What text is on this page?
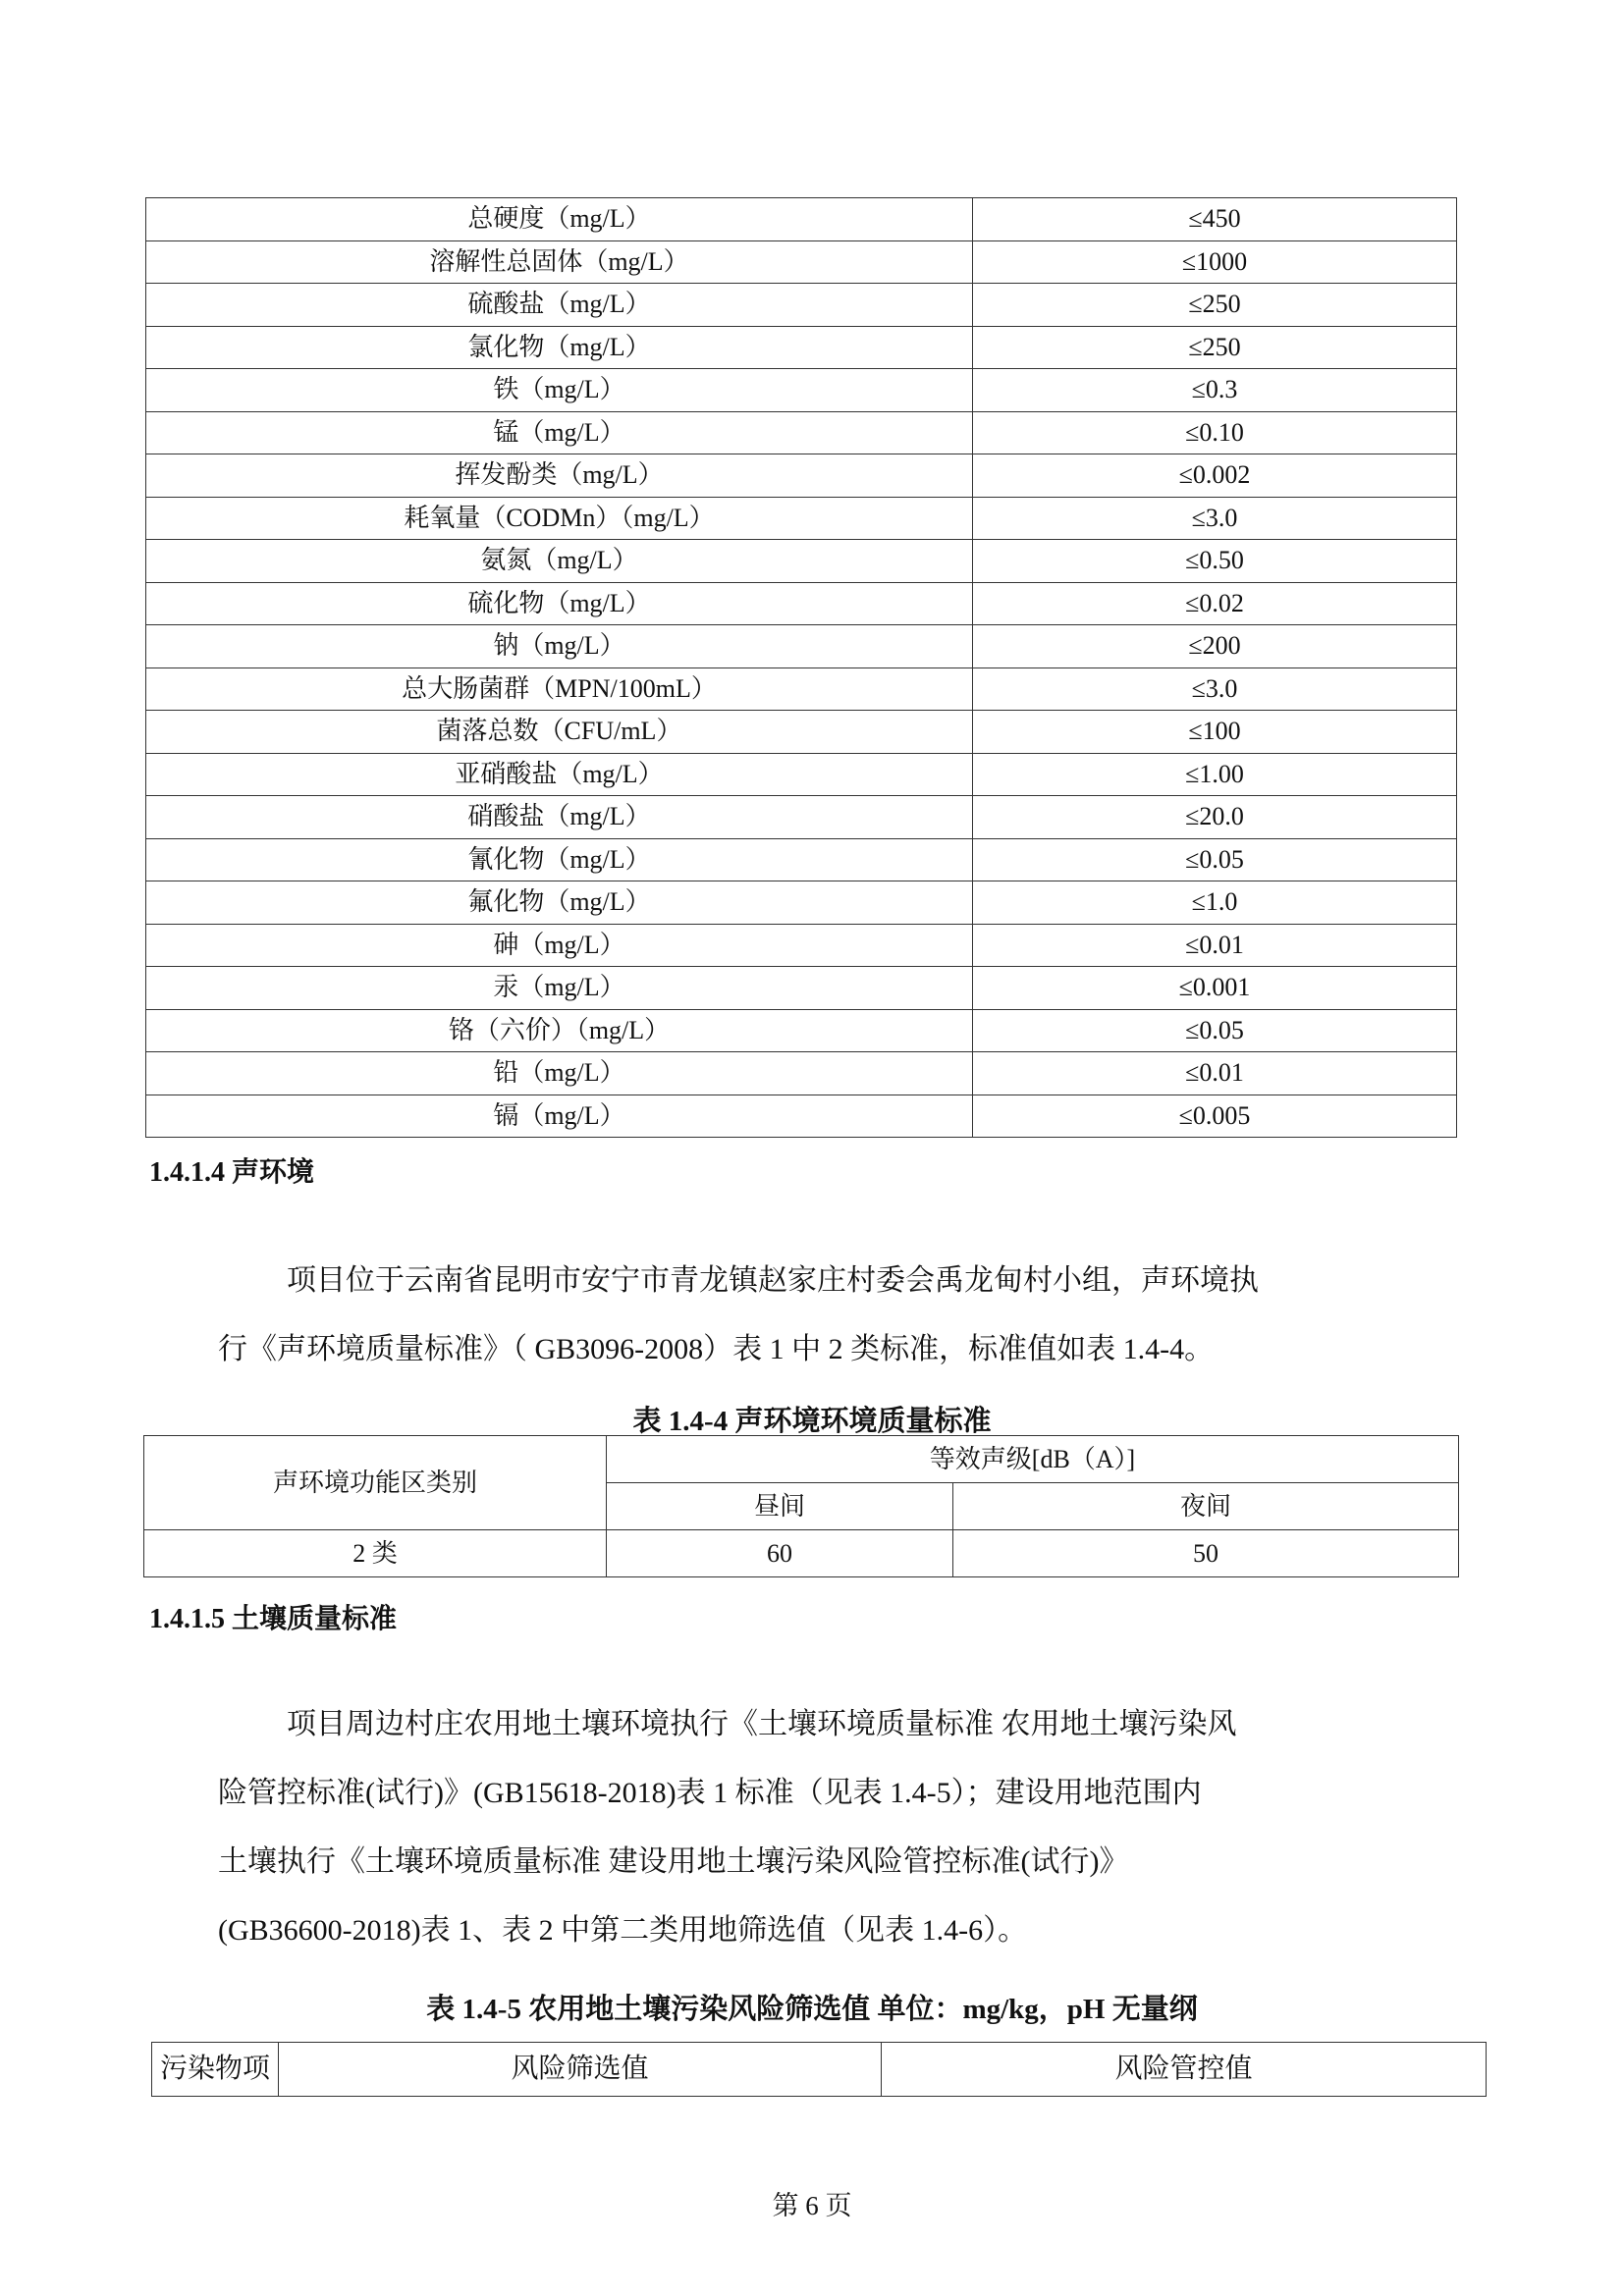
总硬度（mg/L）	≤450
溶解性总固体（mg/L）	≤1000
硫酸盐（mg/L）	≤250
氯化物（mg/L）	≤250
铁（mg/L）	≤0.3
锰（mg/L）	≤0.10
挥发酚类（mg/L）	≤0.002
耗氧量（CODMn）（mg/L）	≤3.0
氨氮（mg/L）	≤0.50
硫化物（mg/L）	≤0.02
钠（mg/L）	≤200
总大肠菌群（MPN/100mL）	≤3.0
菌落总数（CFU/mL）	≤100
亚硝酸盐（mg/L）	≤1.00
硝酸盐（mg/L）	≤20.0
氰化物（mg/L）	≤0.05
氟化物（mg/L）	≤1.0
砷（mg/L）	≤0.01
汞（mg/L）	≤0.001
铬（六价）（mg/L）	≤0.05
铅（mg/L）	≤0.01
镉（mg/L）	≤0.005
1.4.1.4 声环境
项目位于云南省昆明市安宁市青龙镇赵家庄村委会禹龙甸村小组，声环境执
行《声环境质量标准》（ GB3096-2008）表 1 中 2 类标准，标准值如表 1.4-4。
表 1.4-4 声环境环境质量标准
声环境功能区类别	等效声级[dB（A）]	
	昼间	夜间
2 类	60	50
1.4.1.5 土壤质量标准
项目周边村庄农用地土壤环境执行《土壤环境质量标准 农用地土壤污染风
险管控标准(试行)》(GB15618-2018)表 1 标准（见表 1.4-5）；建设用地范围内
土壤执行《土壤环境质量标准 建设用地土壤污染风险管控标准(试行)》
(GB36600-2018)表 1、表 2 中第二类用地筛选值（见表 1.4-6）。
表 1.4-5 农用地土壤污染风险筛选值 单位：mg/kg，pH 无量纲
污染物项	风险筛选值	风险管控值
第 6 页
